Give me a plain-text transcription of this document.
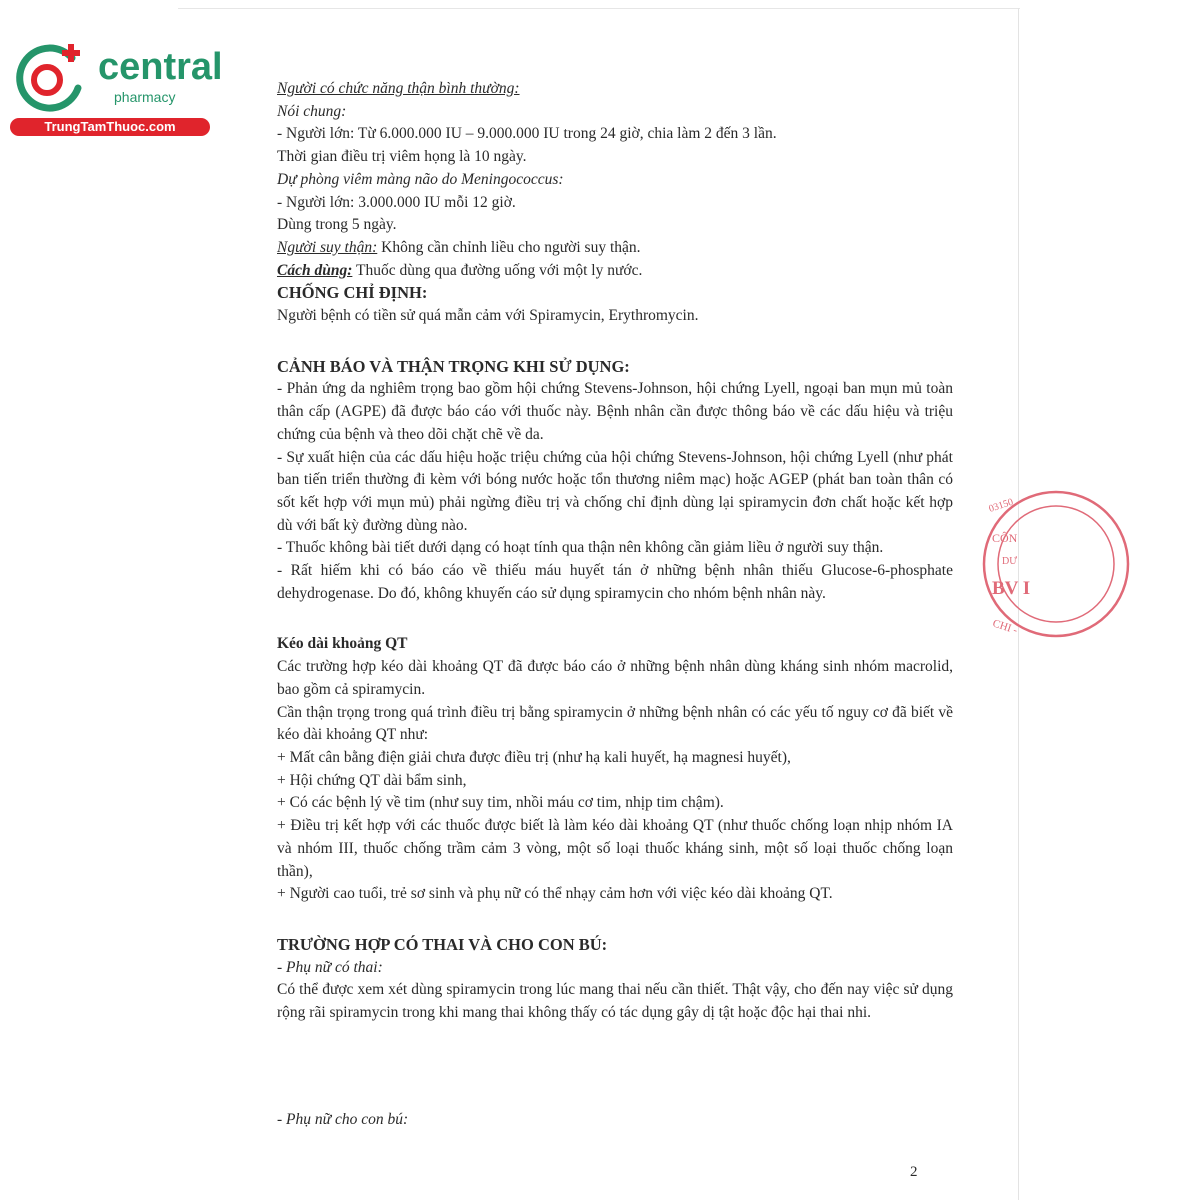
central
pharmacy
TrungTamThuoc.com

Người có chức năng thận bình thường:

Nói chung:

- Người lớn: Từ 6.000.000 IU – 9.000.000 IU trong 24 giờ, chia làm 2 đến 3 lần.

Thời gian điều trị viêm họng là 10 ngày.

Dự phòng viêm màng não do Meningococcus:

- Người lớn: 3.000.000 IU mỗi 12 giờ.

Dùng trong 5 ngày.

Người suy thận: Không cần chỉnh liều cho người suy thận.

Cách dùng: Thuốc dùng qua đường uống với một ly nước.

CHỐNG CHỈ ĐỊNH:

Người bệnh có tiền sử quá mẫn cảm với Spiramycin, Erythromycin.

CẢNH BÁO VÀ THẬN TRỌNG KHI SỬ DỤNG:

- Phản ứng da nghiêm trọng bao gồm hội chứng Stevens-Johnson, hội chứng Lyell, ngoại ban mụn mủ toàn thân cấp (AGPE) đã được báo cáo với thuốc này. Bệnh nhân cần được thông báo về các dấu hiệu và triệu chứng của bệnh và theo dõi chặt chẽ về da.

- Sự xuất hiện của các dấu hiệu hoặc triệu chứng của hội chứng Stevens-Johnson, hội chứng Lyell (như phát ban tiến triển thường đi kèm với bóng nước hoặc tổn thương niêm mạc) hoặc AGEP (phát ban toàn thân có sốt kết hợp với mụn mủ) phải ngừng điều trị và chống chỉ định dùng lại spiramycin đơn chất hoặc kết hợp dù với bất kỳ đường dùng nào.

- Thuốc không bài tiết dưới dạng có hoạt tính qua thận nên không cần giảm liều ở người suy thận.

- Rất hiếm khi có báo cáo về thiếu máu huyết tán ở những bệnh nhân thiếu Glucose-6-phosphate dehydrogenase. Do đó, không khuyến cáo sử dụng spiramycin cho nhóm bệnh nhân này.

Kéo dài khoảng QT

Các trường hợp kéo dài khoảng QT đã được báo cáo ở những bệnh nhân dùng kháng sinh nhóm macrolid, bao gồm cả spiramycin.

Cần thận trọng trong quá trình điều trị bằng spiramycin ở những bệnh nhân có các yếu tố nguy cơ đã biết về kéo dài khoảng QT như:

+ Mất cân bằng điện giải chưa được điều trị (như hạ kali huyết, hạ magnesi huyết),

+ Hội chứng QT dài bẩm sinh,

+ Có các bệnh lý về tim (như suy tim, nhồi máu cơ tim, nhịp tim chậm).

+ Điều trị kết hợp với các thuốc được biết là làm kéo dài khoảng QT (như thuốc chống loạn nhịp nhóm IA và nhóm III, thuốc chống trầm cảm 3 vòng, một số loại thuốc kháng sinh, một số loại thuốc chống loạn thần),

+ Người cao tuổi, trẻ sơ sinh và phụ nữ có thể nhạy cảm hơn với việc kéo dài khoảng QT.

TRƯỜNG HỢP CÓ THAI VÀ CHO CON BÚ:

- Phụ nữ có thai:

Có thể được xem xét dùng spiramycin trong lúc mang thai nếu cần thiết. Thật vậy, cho đến nay việc sử dụng rộng rãi spiramycin trong khi mang thai không thấy có tác dụng gây dị tật hoặc độc hại thai nhi.

- Phụ nữ cho con bú:

2
03150
CÔN
DƯ
BV I
CHI -
